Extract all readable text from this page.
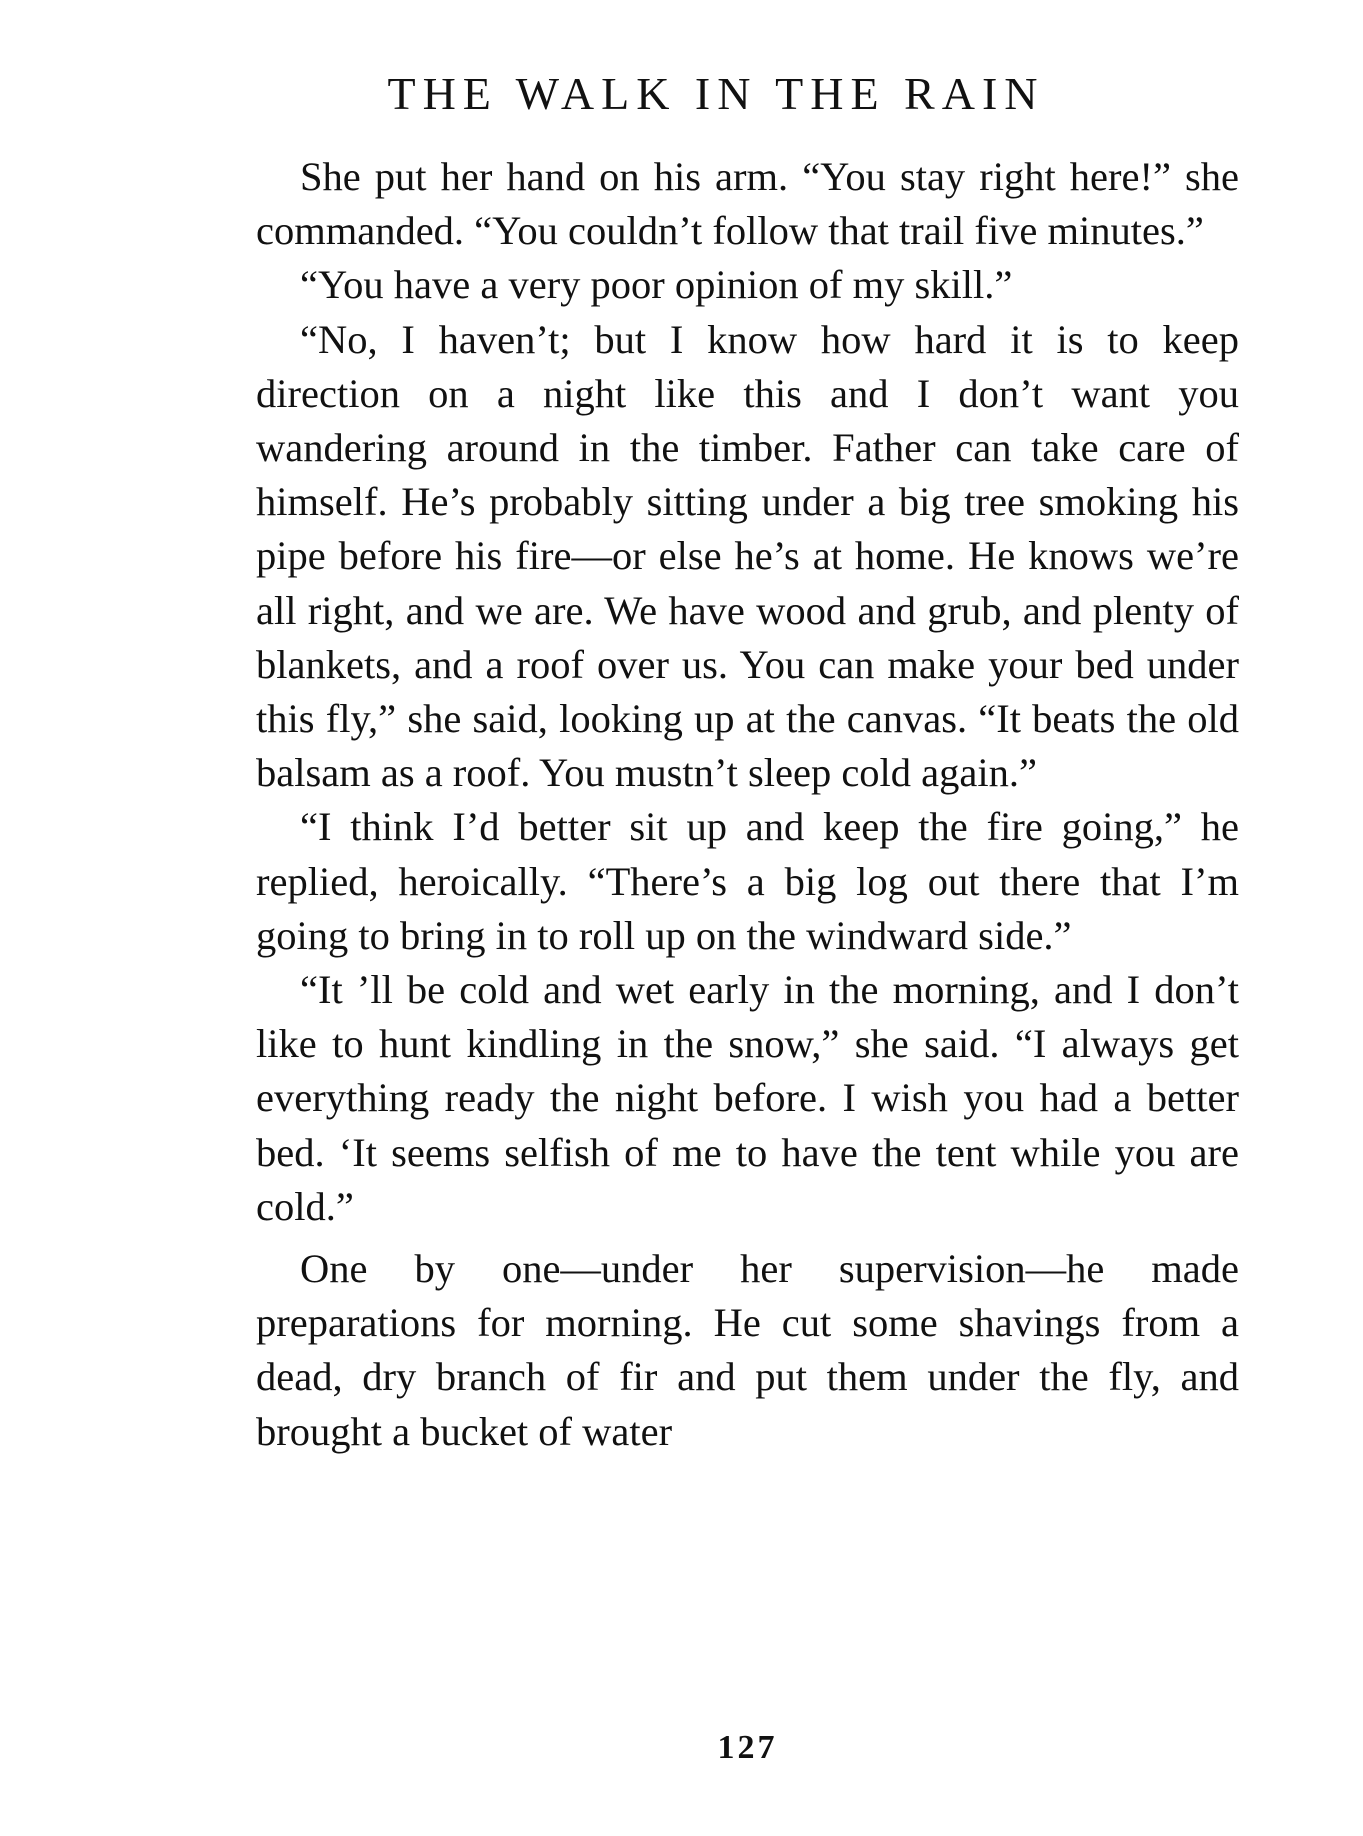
THE WALK IN THE RAIN

She put her hand on his arm. “You stay right here!” she commanded. “You couldn’t follow that trail five minutes.”

“You have a very poor opinion of my skill.”

“No, I haven’t; but I know how hard it is to keep direction on a night like this and I don’t want you wandering around in the timber. Father can take care of himself. He’s probably sitting under a big tree smoking his pipe before his fire—or else he’s at home. He knows we’re all right, and we are. We have wood and grub, and plenty of blankets, and a roof over us. You can make your bed under this fly,” she said, looking up at the canvas. “It beats the old balsam as a roof. You mustn’t sleep cold again.”

“I think I’d better sit up and keep the fire going,” he replied, heroically. “There’s a big log out there that I’m going to bring in to roll up on the windward side.”

“It ’ll be cold and wet early in the morning, and I don’t like to hunt kindling in the snow,” she said. “I always get everything ready the night before. I wish you had a better bed. ‘It seems selfish of me to have the tent while you are cold.”

One by one—under her supervision—he made preparations for morning. He cut some shavings from a dead, dry branch of fir and put them under the fly, and brought a bucket of water

127
